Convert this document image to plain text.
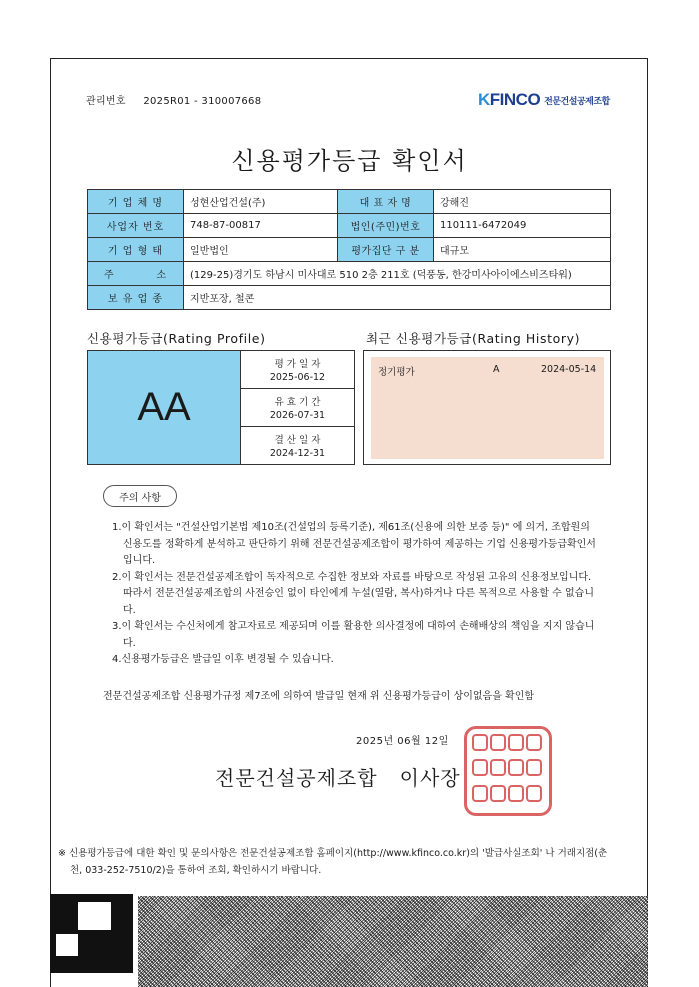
관리번호 2025R01 - 310007668	KFINCO 전문건설공제조합
신용평가등급 확인서
기 업 체 명	성현산업건설(주)	대 표 자 명	강해진
사업자 번호	748-87-00817	법인(주민)번호	110111-6472049
기 업 형 태	일반법인	평가집단 구 분	대규모
주          소	(129-25)경기도 하남시 미사대로 510 2층 211호 (덕풍동, 한강미사아이에스비즈타워)		
보 유 업 종	지반포장, 철콘		
신용평가등급(Rating Profile)	최근 신용평가등급(Rating History)
AA
평 가 일 자
2025-06-12
유 효 기 간
2026-07-31
결 산 일 자
2024-12-31
정기평가	A	2024-05-14
주의 사항

1.이 확인서는 "건설산업기본법 제10조(건설업의 등록기준), 제61조(신용에 의한 보증 등)" 에 의거, 조합원의 신용도를 정확하게 분석하고 판단하기 위해 전문건설공제조합이 평가하여 제공하는 기업 신용평가등급확인서입니다.

2.이 확인서는 전문건설공제조합이 독자적으로 수집한 정보와 자료를 바탕으로 작성된 고유의 신용정보입니다. 따라서 전문건설공제조합의 사전승인 없이 타인에게 누설(열람, 복사)하거나 다른 목적으로 사용할 수 없습니다.

3.이 확인서는 수신처에게 참고자료로 제공되며 이를 활용한 의사결정에 대하여 손해배상의 책임을 지지 않습니다.

4.신용평가등급은 발급일 이후 변경될 수 있습니다.

전문건설공제조합 신용평가규정 제7조에 의하여 발급일 현재 위 신용평가등급이 상이없음을 확인함
2025년 06월 12일
전문건설공제조합   이사장

※ 신용평가등급에 대한 확인 및 문의사항은 전문건설공제조합 홈페이지(http://www.kfinco.co.kr)의 '발급사실조회' 나 거래지점(춘천, 033-252-7510/2)을 통하여 조회, 확인하시기 바랍니다.
